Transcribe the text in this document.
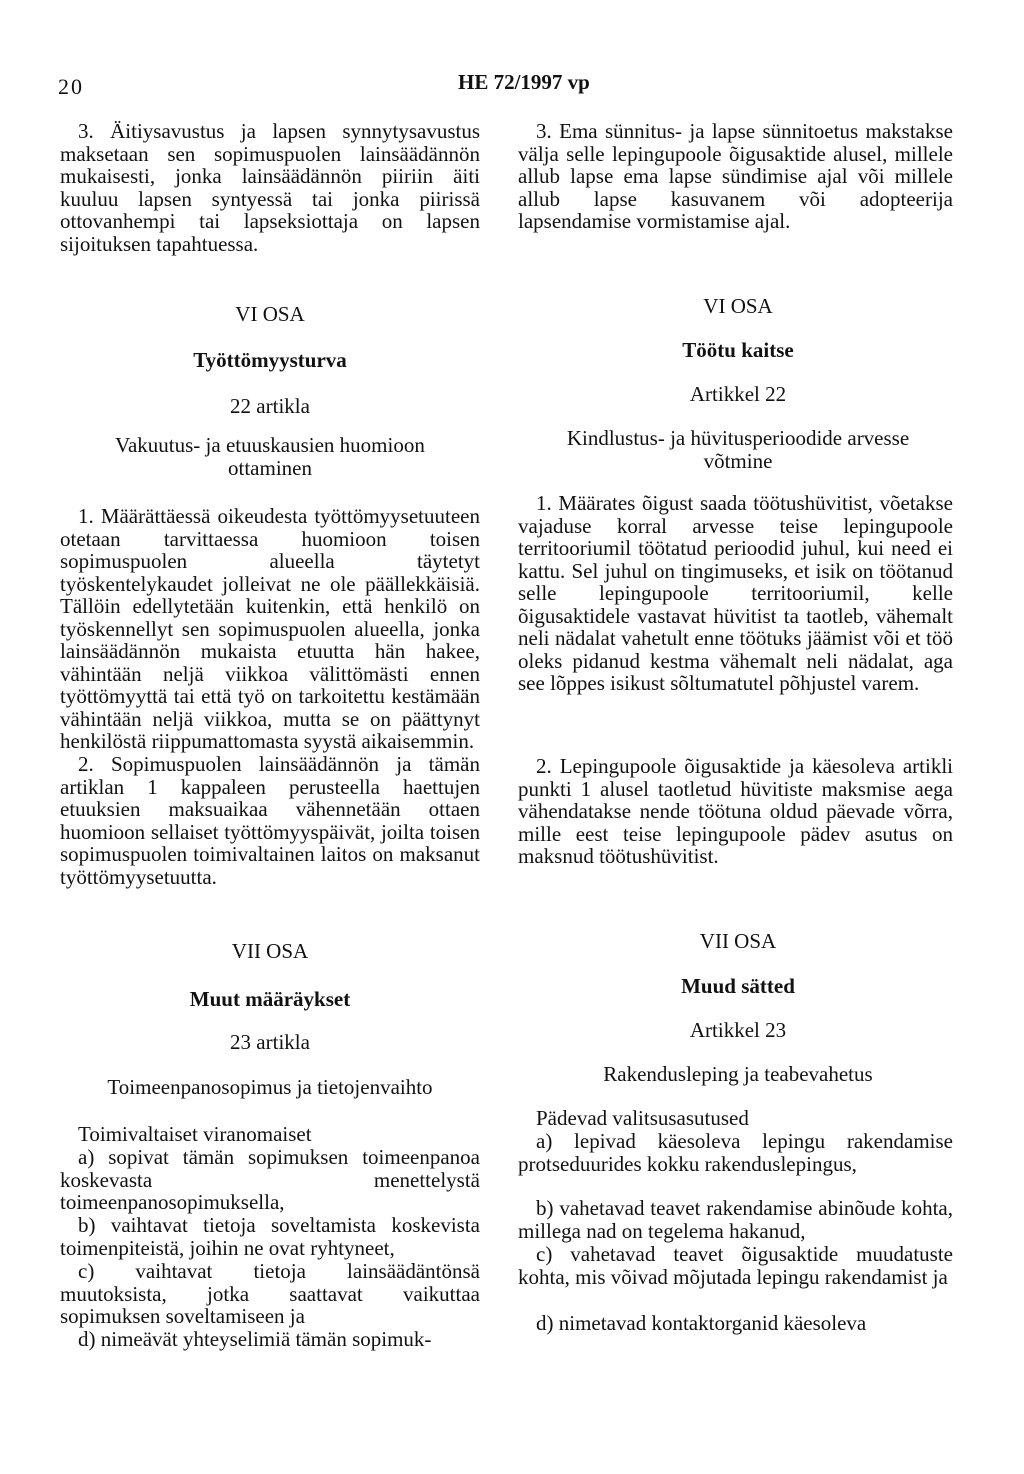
20	HE 72/1997 vp

3. Äitiysavustus ja lapsen synnytysavustus maksetaan sen sopimuspuolen lainsäädännön mukaisesti, jonka lainsäädännön piiriin äiti kuuluu lapsen syntyessä tai jonka piirissä ottovanhempi tai lapseksiottaja on lapsen sijoituksen tapahtuessa.

VI OSA

Työttömyysturva

22 artikla

Vakuutus- ja etuuskausien huomioon ottaminen

1. Määrättäessä oikeudesta työttömyysetuuteen otetaan tarvittaessa huomioon toisen sopimuspuolen alueella täytetyt työskentelykaudet jolleivat ne ole päällekkäisiä. Tällöin edellytetään kuitenkin, että henkilö on työskennellyt sen sopimuspuolen alueella, jonka lainsäädännön mukaista etuutta hän hakee, vähintään neljä viikkoa välittömästi ennen työttömyyttä tai että työ on tarkoitettu kestämään vähintään neljä viikkoa, mutta se on päättynyt henkilöstä riippumattomasta syystä aikaisemmin.

2. Sopimuspuolen lainsäädännön ja tämän artiklan 1 kappaleen perusteella haettujen etuuksien maksuaikaa vähennetään ottaen huomioon sellaiset työttömyyspäivät, joilta toisen sopimuspuolen toimivaltainen laitos on maksanut työttömyysetuutta.

VII OSA

Muut määräykset

23 artikla

Toimeenpanosopimus ja tietojenvaihto

Toimivaltaiset viranomaiset

a) sopivat tämän sopimuksen toimeenpanoa koskevasta menettelystä toimeenpanosopimuksella,

b) vaihtavat tietoja soveltamista koskevista toimenpiteistä, joihin ne ovat ryhtyneet,

c) vaihtavat tietoja lainsäädäntönsä muutoksista, jotka saattavat vaikuttaa sopimuksen soveltamiseen ja

d) nimeävät yhteyselimiä tämän sopimuk-

3. Ema sünnitus- ja lapse sünnitoetus makstakse välja selle lepingupoole õigusaktide alusel, millele allub lapse ema lapse sündimise ajal või millele allub lapse kasuvanem või adopteerija lapsendamise vormistamise ajal.

VI OSA

Töötu kaitse

Artikkel 22

Kindlustus- ja hüvitusperioodide arvesse võtmine

1. Määrates õigust saada töötushüvitist, võetakse vajaduse korral arvesse teise lepingupoole territooriumil töötatud perioodid juhul, kui need ei kattu. Sel juhul on tingimuseks, et isik on töötanud selle lepingupoole territooriumil, kelle õigusaktidele vastavat hüvitist ta taotleb, vähemalt neli nädalat vahetult enne töötuks jäämist või et töö oleks pidanud kestma vähemalt neli nädalat, aga see lõppes isikust sõltumatutel põhjustel varem.

2. Lepingupoole õigusaktide ja käesoleva artikli punkti 1 alusel taotletud hüvitiste maksmise aega vähendatakse nende töötuna oldud päevade võrra, mille eest teise lepingupoole pädev asutus on maksnud töötushüvitist.

VII OSA

Muud sätted

Artikkel 23

Rakendusleping ja teabevahetus

Pädevad valitsusasutused

a) lepivad käesoleva lepingu rakendamise protseduurides kokku rakenduslepingus,

b) vahetavad teavet rakendamise abinõude kohta, millega nad on tegelema hakanud,

c) vahetavad teavet õigusaktide muudatuste kohta, mis võivad mõjutada lepingu rakendamist ja

d) nimetavad kontaktorganid käesoleva
